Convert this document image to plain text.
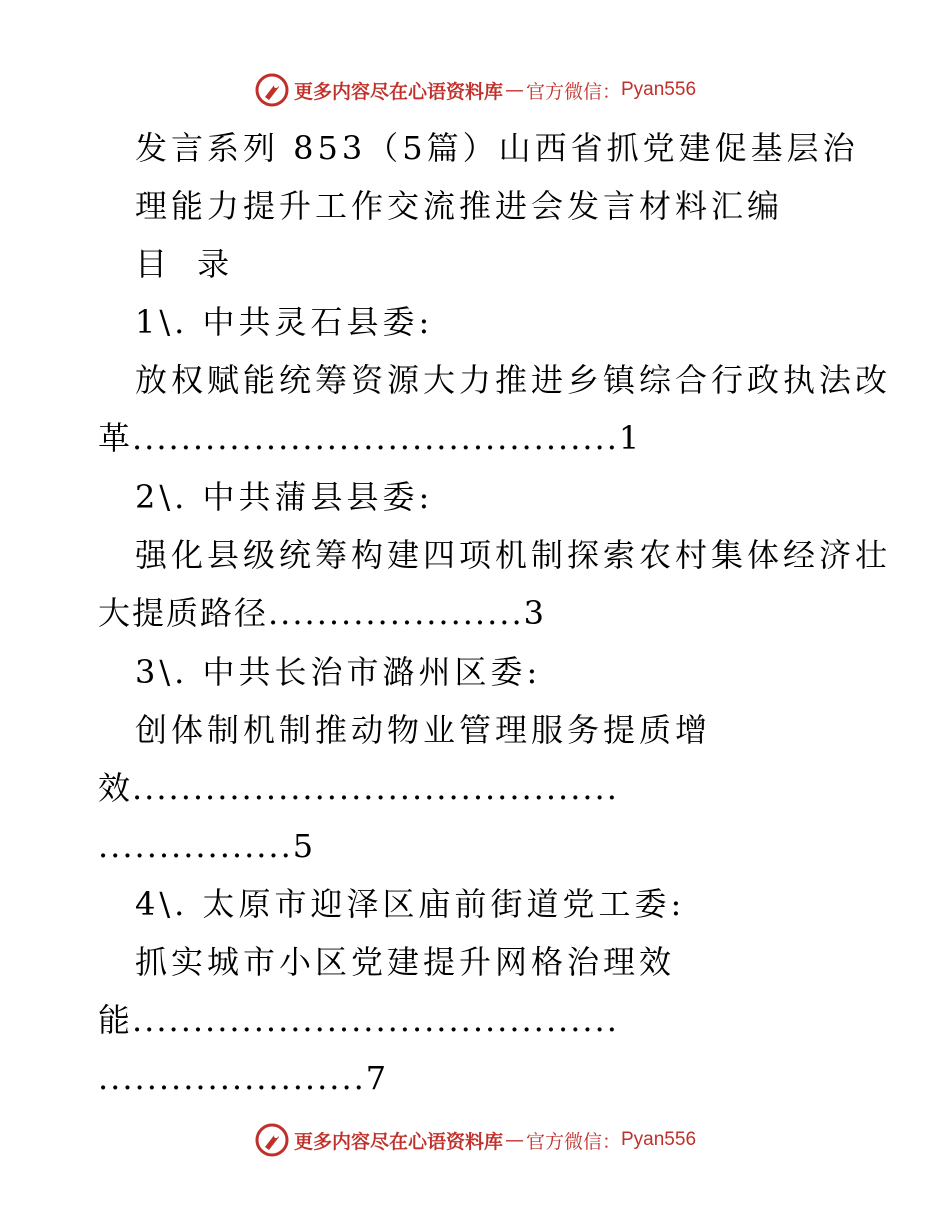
更多内容尽在心语资料库 — 官方微信： Pyan556
发言系列 853（5篇）山西省抓党建促基层治
理能力提升工作交流推进会发言材料汇编
目 录
1\. 中共灵石县委:
放权赋能统筹资源大力推进乡镇综合行政执法改
革........................................1
2\. 中共蒲县县委:
强化县级统筹构建四项机制探索农村集体经济壮
大提质路径.....................3
3\. 中共长治市潞州区委:
创体制机制推动物业管理服务提质增
效........................................
................5
4\. 太原市迎泽区庙前街道党工委:
抓实城市小区党建提升网格治理效
能........................................
......................7
更多内容尽在心语资料库 — 官方微信： Pyan556
